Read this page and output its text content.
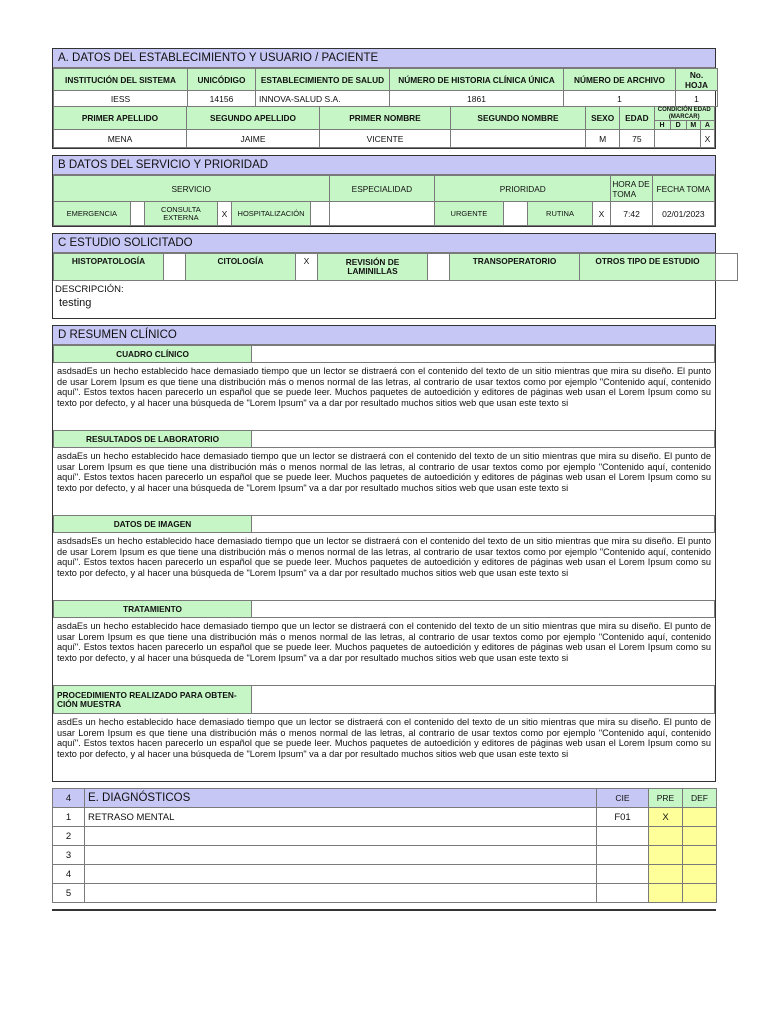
A. DATOS DEL ESTABLECIMIENTO Y USUARIO / PACIENTE
INSTITUCIÓN DEL SISTEMA	UNICÓDIGO	ESTABLECIMIENTO DE SALUD	NÚMERO DE HISTORIA CLÍNICA ÚNICA	NÚMERO DE ARCHIVO	No. HOJA
IESS	14156	INNOVA-SALUD S.A.	1861	1	1
PRIMER APELLIDO	SEGUNDO APELLIDO	PRIMER NOMBRE	SEGUNDO NOMBRE	SEXO	EDAD	CONDICIÓN EDAD (MARCAR)			
						H	D	M	A
MENA	JAIME	VICENTE		M	75				X
B DATOS DEL SERVICIO Y PRIORIDAD
SERVICIO						ESPECIALIDAD	PRIORIDAD				HORA DE TOMA	FECHA TOMA
EMERGENCIA		CONSULTA EXTERNA	X	HOSPITALIZACIÓN			URGENTE		RUTINA	X	7:42	02/01/2023
C ESTUDIO SOLICITADO
HISTOPATOLOGÍA		CITOLOGÍA	X	REVISIÓN DE LAMINILLAS		TRANSOPERATORIO	OTROS TIPO DE ESTUDIO	
DESCRIPCIÓN:
testing
D RESUMEN CLÍNICO
CUADRO CLÍNICO	
asdsadEs un hecho establecido hace demasiado tiempo que un lector se distraerá con el contenido del texto de un sitio mientras que mira su diseño. El punto de usar Lorem Ipsum es que tiene una distribución más o menos normal de las letras, al contrario de usar textos como por ejemplo "Contenido aquí, contenido aquí". Estos textos hacen parecerlo un español que se puede leer. Muchos paquetes de autoedición y editores de páginas web usan el Lorem Ipsum como su texto por defecto, y al hacer una búsqueda de "Lorem Ipsum" va a dar por resultado muchos sitios web que usan este texto si
RESULTADOS DE LABORATORIO	
asdaEs un hecho establecido hace demasiado tiempo que un lector se distraerá con el contenido del texto de un sitio mientras que mira su diseño. El punto de usar Lorem Ipsum es que tiene una distribución más o menos normal de las letras, al contrario de usar textos como por ejemplo "Contenido aquí, contenido aquí". Estos textos hacen parecerlo un español que se puede leer. Muchos paquetes de autoedición y editores de páginas web usan el Lorem Ipsum como su texto por defecto, y al hacer una búsqueda de "Lorem Ipsum" va a dar por resultado muchos sitios web que usan este texto si
DATOS DE IMAGEN	
asdsadsEs un hecho establecido hace demasiado tiempo que un lector se distraerá con el contenido del texto de un sitio mientras que mira su diseño. El punto de usar Lorem Ipsum es que tiene una distribución más o menos normal de las letras, al contrario de usar textos como por ejemplo "Contenido aquí, contenido aquí". Estos textos hacen parecerlo un español que se puede leer. Muchos paquetes de autoedición y editores de páginas web usan el Lorem Ipsum como su texto por defecto, y al hacer una búsqueda de "Lorem Ipsum" va a dar por resultado muchos sitios web que usan este texto si
TRATAMIENTO	
asdaEs un hecho establecido hace demasiado tiempo que un lector se distraerá con el contenido del texto de un sitio mientras que mira su diseño. El punto de usar Lorem Ipsum es que tiene una distribución más o menos normal de las letras, al contrario de usar textos como por ejemplo "Contenido aquí, contenido aquí". Estos textos hacen parecerlo un español que se puede leer. Muchos paquetes de autoedición y editores de páginas web usan el Lorem Ipsum como su texto por defecto, y al hacer una búsqueda de "Lorem Ipsum" va a dar por resultado muchos sitios web que usan este texto si
PROCEDIMIENTO REALIZADO PARA OBTEN-CIÓN MUESTRA	
asdEs un hecho establecido hace demasiado tiempo que un lector se distraerá con el contenido del texto de un sitio mientras que mira su diseño. El punto de usar Lorem Ipsum es que tiene una distribución más o menos normal de las letras, al contrario de usar textos como por ejemplo "Contenido aquí, contenido aquí". Estos textos hacen parecerlo un español que se puede leer. Muchos paquetes de autoedición y editores de páginas web usan el Lorem Ipsum como su texto por defecto, y al hacer una búsqueda de "Lorem Ipsum" va a dar por resultado muchos sitios web que usan este texto si
4	E. DIAGNÓSTICOS	CIE	PRE	DEF
1	RETRASO MENTAL	F01	X	
2				
3				
4				
5				
